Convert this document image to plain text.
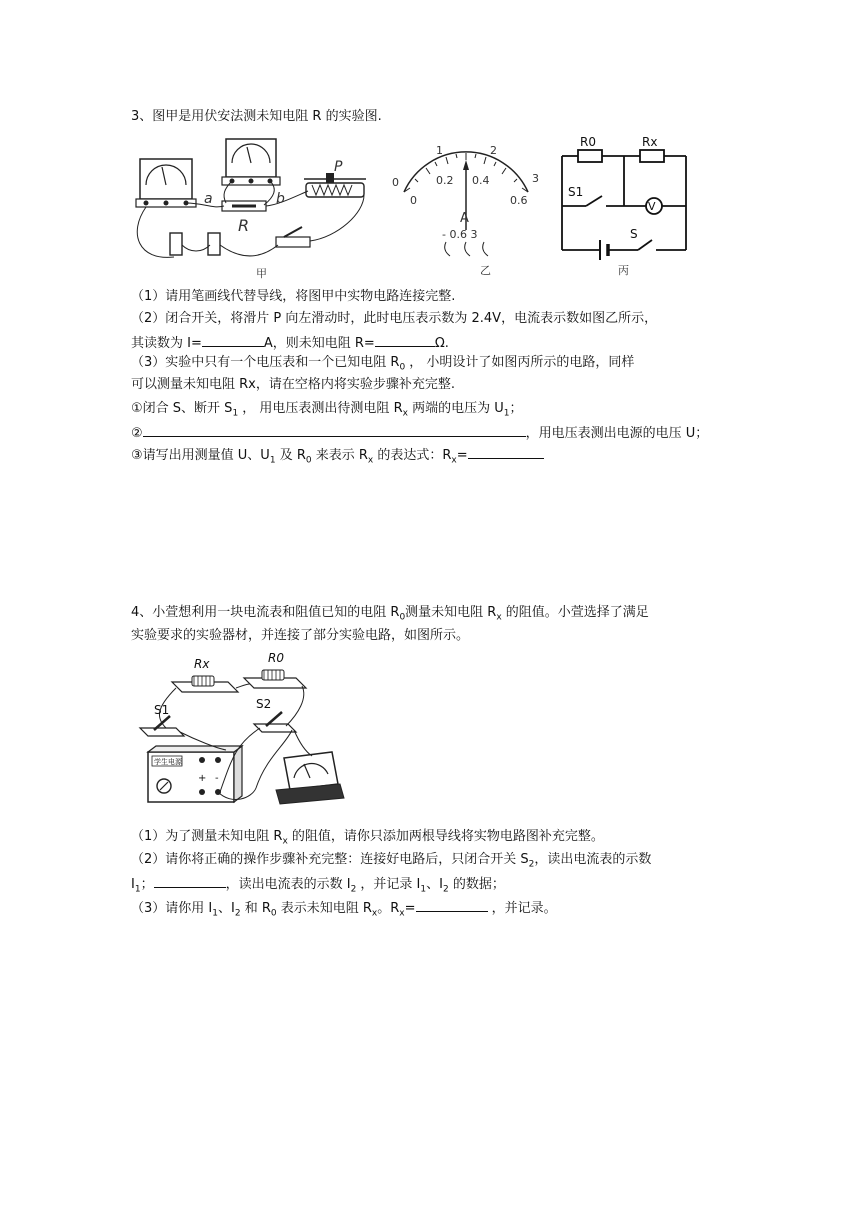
3、图甲是用伏安法测未知电阻 R 的实验图.
a	b
R
P
甲
0
1	2
3
0
0.2 0.4
0.6
A
- 0.6 3
乙
R0	Rx
S1
V
S
丙
（1）请用笔画线代替导线，将图甲中实物电路连接完整.
（2）闭合开关，将滑片 P 向左滑动时，此时电压表示数为 2.4V，电流表示数如图乙所示，
其读数为 I=	A，则未知电阻 R=	Ω.
（3）实验中只有一个电压表和一个已知电阻 $R_0$ ， 小明设计了如图丙所示的电路，同样
可以测量未知电阻 Rx，请在空格内将实验步骤补充完整.
①闭合 S、断开 $S_1$ ， 用电压表测出待测电阻 $R_x$ 两端的电压为 $U_1$；
②	，用电压表测出电源的电压 U；
③请写出用测量值 U、$U_1$ 及 $R_0$ 来表示 $R_x$ 的表达式：$R_x=$
4、小萱想利用一块电流表和阻值已知的电阻 $R_0$测量未知电阻 $R_x$ 的阻值。小萱选择了满足
实验要求的实验器材，并连接了部分实验电路，如图所示。
Rx	R0
S1	S2
学生电源
+ -
（1）为了测量未知电阻 $R_x$ 的阻值，请你只添加两根导线将实物电路图补充完整。
（2）请你将正确的操作步骤补充完整：连接好电路后，只闭合开关 $S_2$，读出电流表的示数
$I_1$；	，读出电流表的示数 $I_2$ ，并记录 $I_1$、$I_2$ 的数据；
（3）请你用 $I_1$、$I_2$ 和 $R_0$ 表示未知电阻 $R_x$。$R_x=$	，并记录。
